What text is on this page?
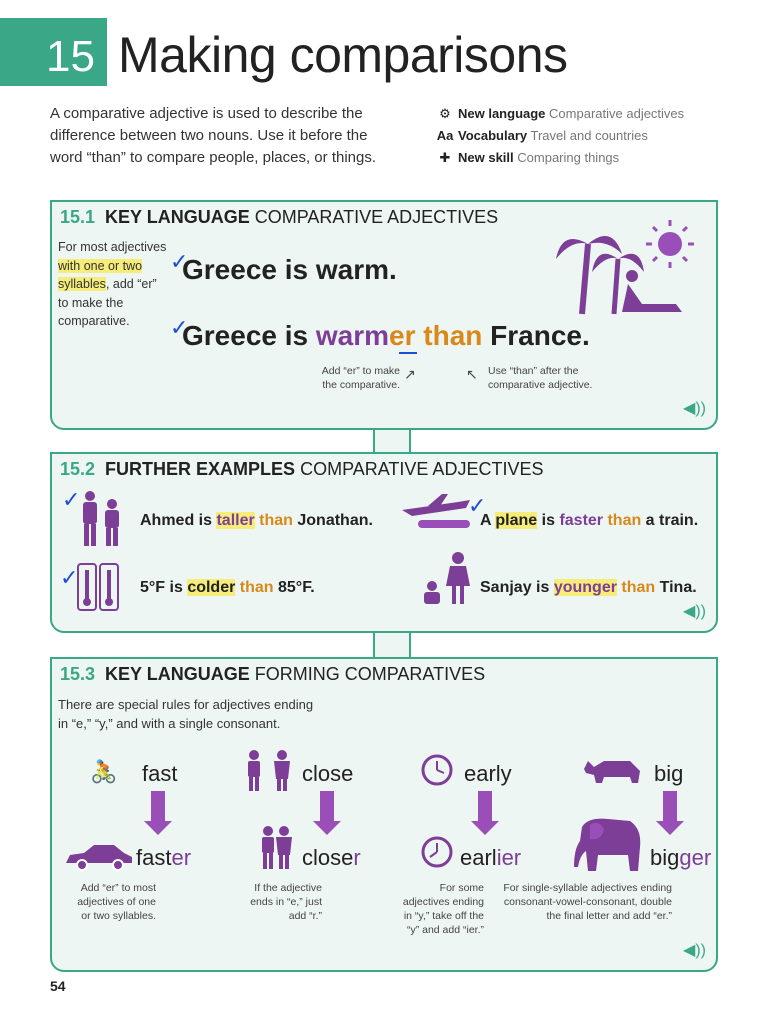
15 Making comparisons
A comparative adjective is used to describe the difference between two nouns. Use it before the word “than” to compare people, places, or things.
⚙ New language Comparative adjectives
Aa Vocabulary Travel and countries
✚ New skill Comparing things
15.1 KEY LANGUAGE COMPARATIVE ADJECTIVES
For most adjectives with one or two syllables, add “er” to make the comparative.
✓
Greece is warm.
✓
Greece is warmer than France.
Add “er” to make the comparative.
↗	↖ Use “than” after the comparative adjective.
◀))
15.2 FURTHER EXAMPLES COMPARATIVE ADJECTIVES
✓
Ahmed is taller than Jonathan.
✓
A plane is faster than a train.
✓	5°F is colder than 85°F.	Sanjay is younger than Tina.
◀))
15.3 KEY LANGUAGE FORMING COMPARATIVES
There are special rules for adjectives ending in “e,” “y,” and with a single consonant.
🚴 fast
faster
Add “er” to most adjectives of one or two syllables.
close
closer
If the adjective ends in “e,” just add “r.”
early
earlier
For some adjectives ending in “y,” take off the “y” and add “ier.”
big
bigger
For single-syllable adjectives ending consonant-vowel-consonant, double the final letter and add “er.”
◀))
54
